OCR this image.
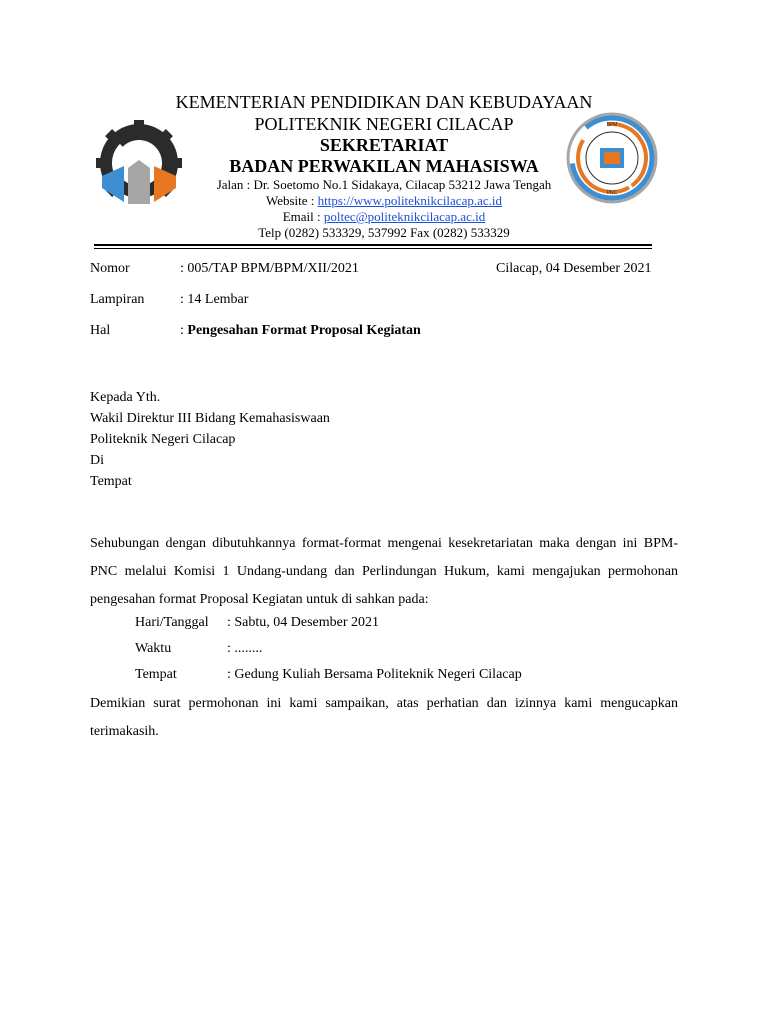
BPM
PNC
KEMENTERIAN PENDIDIKAN DAN KEBUDAYAAN
POLITEKNIK NEGERI CILACAP
SEKRETARIAT
BADAN PERWAKILAN MAHASISWA
Jalan : Dr. Soetomo No.1 Sidakaya, Cilacap 53212 Jawa Tengah
Website : https://www.politeknikcilacap.ac.id
Email : poltec@politeknikcilacap.ac.id
Telp (0282) 533329, 537992 Fax (0282) 533329
Nomor	: 005/TAP BPM/BPM/XII/2021	Cilacap, 04 Desember 2021
Lampiran	: 14 Lembar
Hal	: Pengesahan Format Proposal Kegiatan
Kepada Yth.
Wakil Direktur III Bidang Kemahasiswaan
Politeknik Negeri Cilacap
Di
Tempat
Sehubungan dengan dibutuhkannya format-format mengenai kesekretariatan maka dengan ini BPM-PNC melalui Komisi 1 Undang-undang dan Perlindungan Hukum, kami mengajukan permohonan pengesahan format Proposal Kegiatan untuk di sahkan pada:
Hari/Tanggal : Sabtu, 04 Desember 2021
Waktu	: ........
Tempat	: Gedung Kuliah Bersama Politeknik Negeri Cilacap
Demikian surat permohonan ini kami sampaikan, atas perhatian dan izinnya kami mengucapkan terimakasih.
